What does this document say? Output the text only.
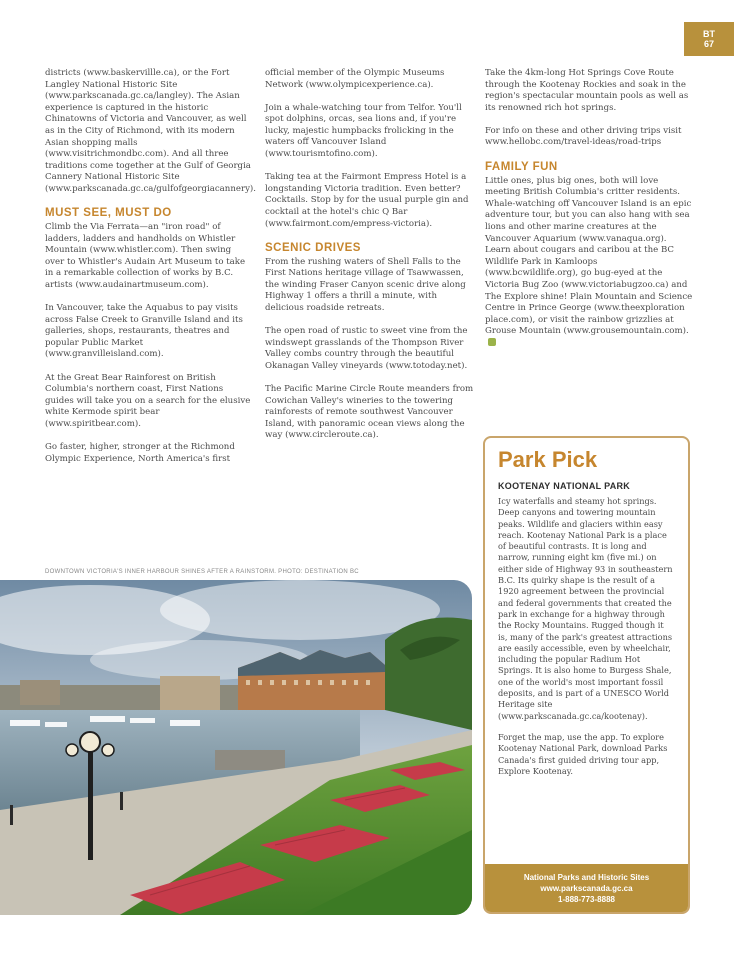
BT
67

districts (www.baskervillle.ca), or the Fort Langley National Historic Site (www.parkscanada.gc.ca/langley). The Asian experience is captured in the historic Chinatowns of Victoria and Vancouver, as well as in the City of Richmond, with its modern Asian shopping malls (www.visitrichmondbc.com). And all three traditions come together at the Gulf of Georgia Cannery National Historic Site (www.parkscanada.gc.ca/gulfofgeorgiacannery).

MUST SEE, MUST DO

Climb the Via Ferrata—an "iron road" of ladders, ladders and handholds on Whistler Mountain (www.whistler.com). Then swing over to Whistler's Audain Art Museum to take in a remarkable collection of works by B.C. artists (www.audainartmuseum.com).

In Vancouver, take the Aquabus to pay visits across False Creek to Granville Island and its galleries, shops, restaurants, theatres and popular Public Market (www.granvilleisland.com).

At the Great Bear Rainforest on British Columbia's northern coast, First Nations guides will take you on a search for the elusive white Kermode spirit bear (www.spiritbear.com).

Go faster, higher, stronger at the Richmond Olympic Experience, North America's first

official member of the Olympic Museums Network (www.olympicexperience.ca).

Join a whale-watching tour from Telfor. You'll spot dolphins, orcas, sea lions and, if you're lucky, majestic humpbacks frolicking in the waters off Vancouver Island (www.tourismtofino.com).

Taking tea at the Fairmont Empress Hotel is a longstanding Victoria tradition. Even better? Cocktails. Stop by for the usual purple gin and cocktail at the hotel's chic Q Bar (www.fairmont.com/empress-victoria).

SCENIC DRIVES

From the rushing waters of Shell Falls to the First Nations heritage village of Tsawwassen, the winding Fraser Canyon scenic drive along Highway 1 offers a thrill a minute, with delicious roadside retreats.

The open road of rustic to sweet vine from the windswept grasslands of the Thompson River Valley combs country through the beautiful Okanagan Valley vineyards (www.totoday.net).

The Pacific Marine Circle Route meanders from Cowichan Valley's wineries to the towering rainforests of remote southwest Vancouver Island, with panoramic ocean views along the way (www.circleroute.ca).

Take the 4km-long Hot Springs Cove Route through the Kootenay Rockies and soak in the region's spectacular mountain pools as well as its renowned rich hot springs.

For info on these and other driving trips visit www.hellobc.com/travel-ideas/road-trips

FAMILY FUN

Little ones, plus big ones, both will love meeting British Columbia's critter residents. Whale-watching off Vancouver Island is an epic adventure tour, but you can also hang with sea lions and other marine creatures at the Vancouver Aquarium (www.vanaqua.org). Learn about cougars and caribou at the BC Wildlife Park in Kamloops (www.bcwildlife.org), go bug-eyed at the Victoria Bug Zoo (www.victoriabugzoo.ca) and The Explore shine! Plain Mountain and Science Centre in Prince George (www.theexploration place.com), or visit the rainbow grizzlies at Grouse Mountain (www.grousemountain.com).

DOWNTOWN VICTORIA'S INNER HARBOUR SHINES AFTER A RAINSTORM. PHOTO: DESTINATION BC
Park Pick
KOOTENAY NATIONAL PARK

Icy waterfalls and steamy hot springs. Deep canyons and towering mountain peaks. Wildlife and glaciers within easy reach. Kootenay National Park is a place of beautiful contrasts. It is long and narrow, running eight km (five mi.) on either side of Highway 93 in southeastern B.C. Its quirky shape is the result of a 1920 agreement between the provincial and federal governments that created the park in exchange for a highway through the Rocky Mountains. Rugged though it is, many of the park's greatest attractions are easily accessible, even by wheelchair, including the popular Radium Hot Springs. It is also home to Burgess Shale, one of the world's most important fossil deposits, and is part of a UNESCO World Heritage site (www.parkscanada.gc.ca/kootenay).

Forget the map, use the app. To explore Kootenay National Park, download Parks Canada's first guided driving tour app, Explore Kootenay.

National Parks and Historic Sites
www.parkscanada.gc.ca
1-888-773-8888
